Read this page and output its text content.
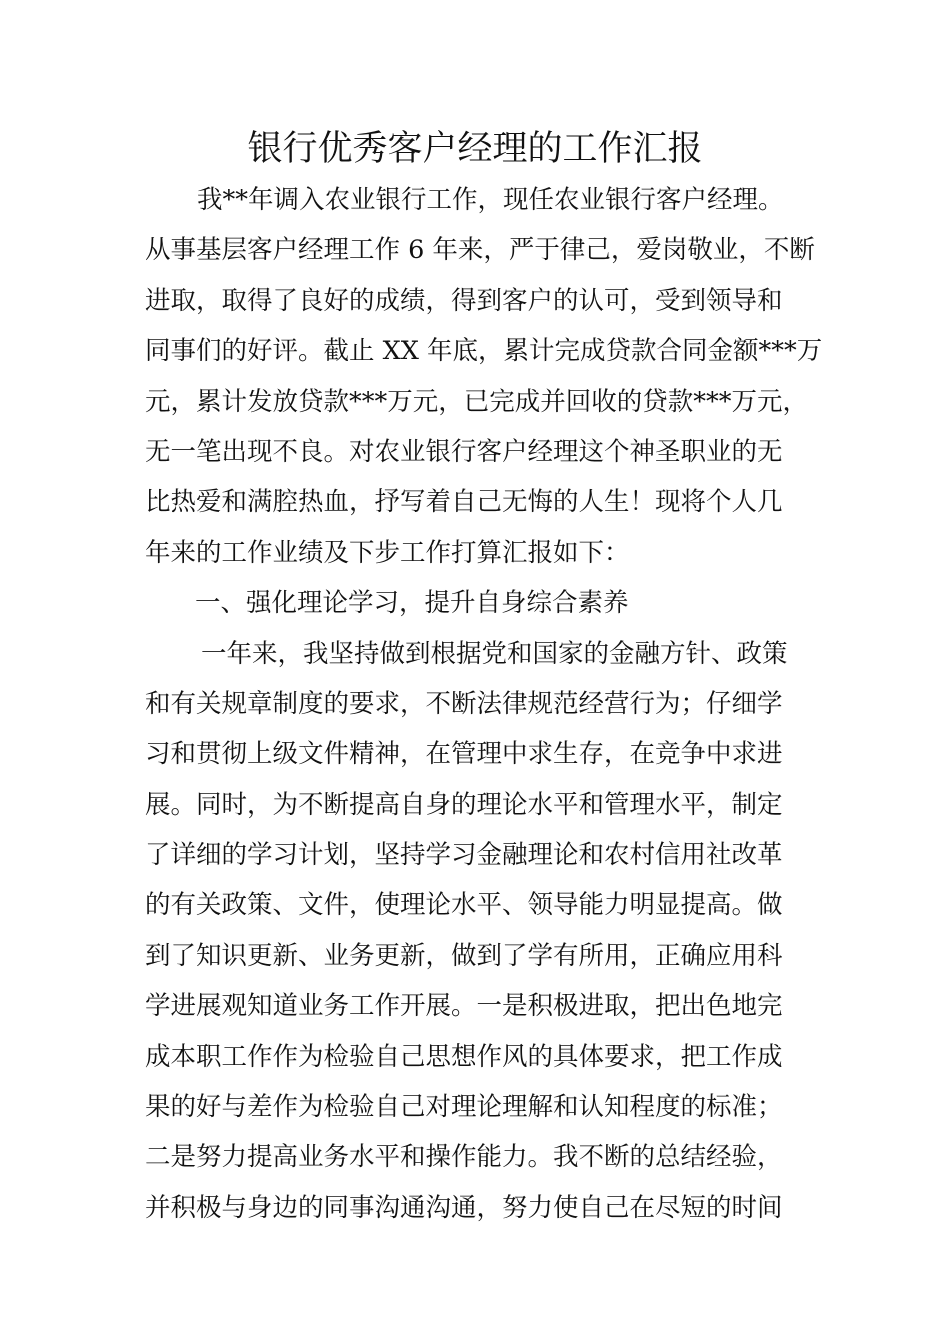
银行优秀客户经理的工作汇报

我**年调入农业银行工作，现任农业银行客户经理。

从事基层客户经理工作 6 年来，严于律己，爱岗敬业，不断

进取，取得了良好的成绩，得到客户的认可，受到领导和

同事们的好评。截止 XX 年底，累计完成贷款合同金额***万

元，累计发放贷款***万元，已完成并回收的贷款***万元，

无一笔出现不良。对农业银行客户经理这个神圣职业的无

比热爱和满腔热血，抒写着自己无悔的人生！现将个人几

年来的工作业绩及下步工作打算汇报如下：

一、强化理论学习，提升自身综合素养

一年来，我坚持做到根据党和国家的金融方针、政策

和有关规章制度的要求，不断法律规范经营行为；仔细学

习和贯彻上级文件精神，在管理中求生存，在竞争中求进

展。同时，为不断提高自身的理论水平和管理水平，制定

了详细的学习计划，坚持学习金融理论和农村信用社改革

的有关政策、文件，使理论水平、领导能力明显提高。做

到了知识更新、业务更新，做到了学有所用，正确应用科

学进展观知道业务工作开展。一是积极进取，把出色地完

成本职工作作为检验自己思想作风的具体要求，把工作成

果的好与差作为检验自己对理论理解和认知程度的标准；

二是努力提高业务水平和操作能力。我不断的总结经验，

并积极与身边的同事沟通沟通，努力使自己在尽短的时间
